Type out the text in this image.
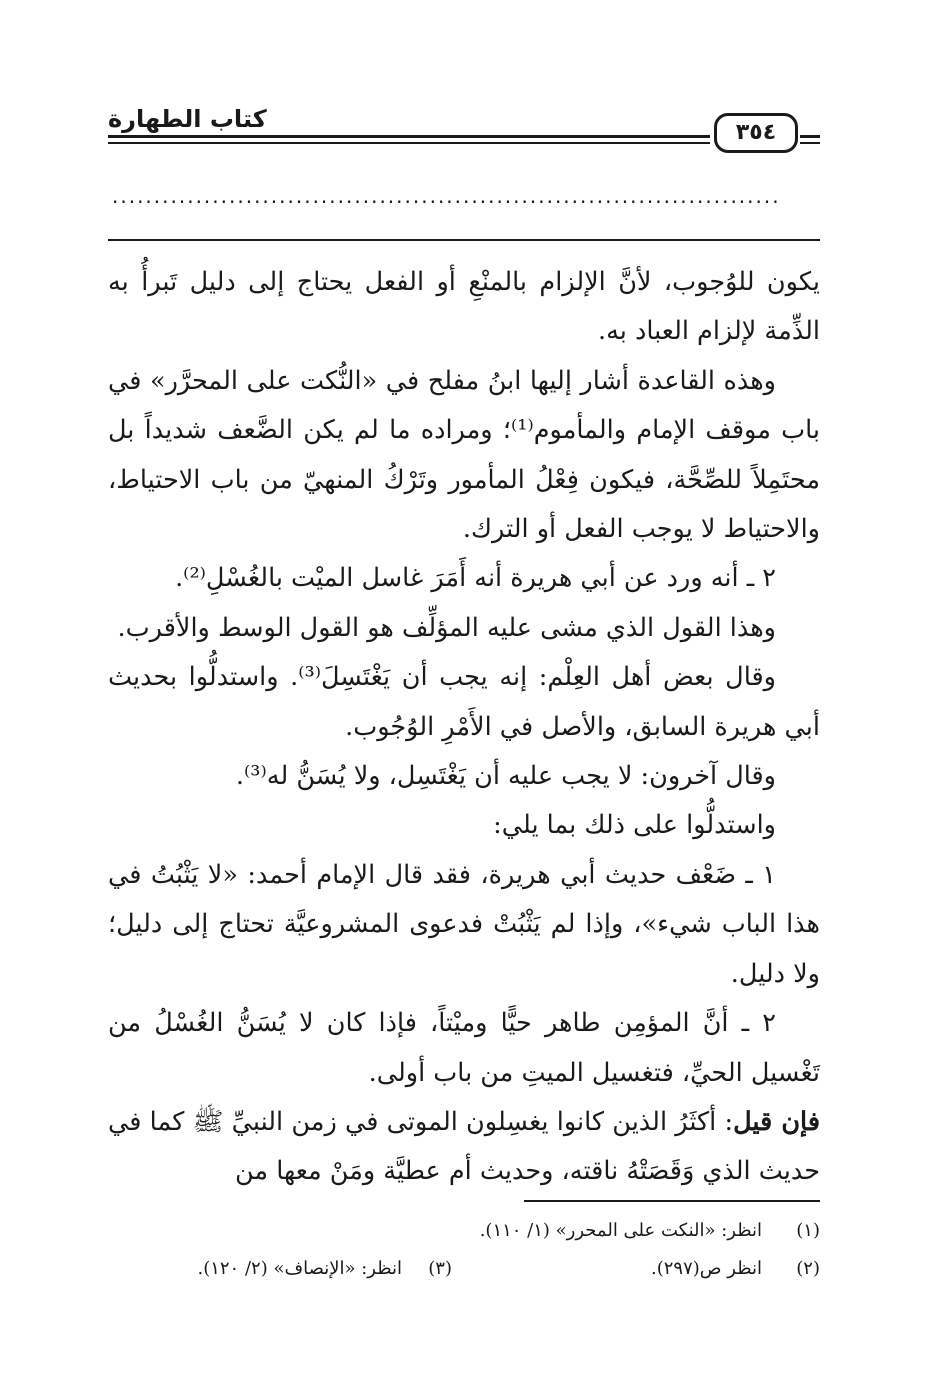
كتاب الطهارة	٣٥٤
................................................................................

يكون للوُجوب، لأنَّ الإلزام بالمنْعِ أو الفعل يحتاج إلى دليل تَبرأُ به الذِّمة لإلزام العباد به.

وهذه القاعدة أشار إليها ابنُ مفلح في «النُّكت على المحرَّر» في باب موقف الإمام والمأموم⁽¹⁾؛ ومراده ما لم يكن الضَّعف شديداً بل محتَمِلاً للصِّحَّة، فيكون فِعْلُ المأمور وتَرْكُ المنهيّ من باب الاحتياط، والاحتياط لا يوجب الفعل أو الترك.

٢ ـ أنه ورد عن أبي هريرة أنه أَمَرَ غاسل الميْت بالغُسْلِ⁽²⁾.

وهذا القول الذي مشى عليه المؤلِّف هو القول الوسط والأقرب.

وقال بعض أهل العِلْم: إنه يجب أن يَغْتَسِلَ⁽³⁾. واستدلُّوا بحديث أبي هريرة السابق، والأصل في الأَمْرِ الوُجُوب.

وقال آخرون: لا يجب عليه أن يَغْتَسِل، ولا يُسَنُّ له⁽³⁾.

واستدلُّوا على ذلك بما يلي:

١ ـ ضَعْف حديث أبي هريرة، فقد قال الإمام أحمد: «لا يَثْبُتُ في هذا الباب شيء»، وإذا لم يَثْبُتْ فدعوى المشروعيَّة تحتاج إلى دليل؛ ولا دليل.

٢ ـ أنَّ المؤمِن طاهر حيًّا وميْتاً، فإذا كان لا يُسَنُّ الغُسْلُ من تَغْسيل الحيِّ، فتغسيل الميتِ من باب أولى.

فإن قيل: أكثَرُ الذين كانوا يغسِلون الموتى في زمن النبيِّ ﷺ كما في حديث الذي وَقَصَتْهُ ناقته، وحديث أم عطيَّة ومَنْ معها من

(١)
انظر: «النكت على المحرر» (١/ ١١٠).
(٢)
انظر ص(٢٩٧).
(٣)
انظر: «الإنصاف» (٢/ ١٢٠).
